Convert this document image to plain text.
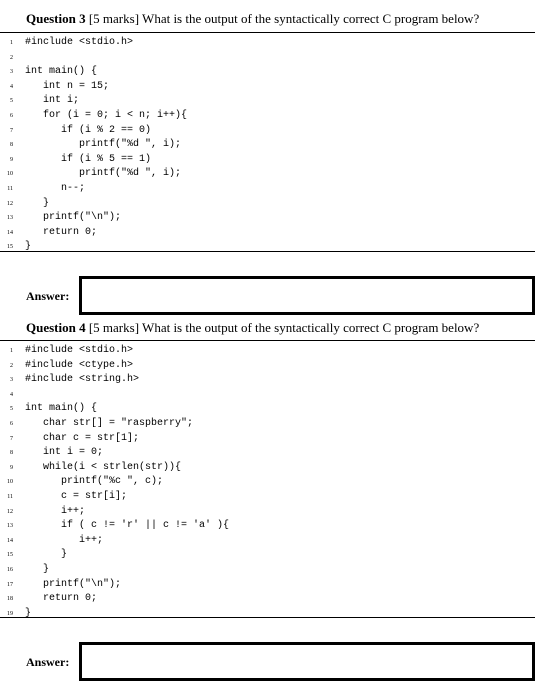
Question 3 [5 marks] What is the output of the syntactically correct C program below?
1 #include <stdio.h>
2
3 int main() {
4 int n = 15;
5 int i;
6 for (i = 0; i < n; i++){
7 if (i % 2 == 0)
8 printf("%d ", i);
9 if (i % 5 == 1)
10 printf("%d ", i);
11 n--;
12 }
13 printf("\n");
14 return 0;
15 }
Answer:
Question 4 [5 marks] What is the output of the syntactically correct C program below?
1 #include <stdio.h>
2 #include <ctype.h>
3 #include <string.h>
4
5 int main() {
6 char str[] = "raspberry";
7 char c = str[1];
8 int i = 0;
9 while(i < strlen(str)){
10 printf("%c ", c);
11 c = str[i];
12 i++;
13 if ( c != 'r' || c != 'a' ){
14 i++;
15 }
16 }
17 printf("\n");
18 return 0;
19 }
Answer:
